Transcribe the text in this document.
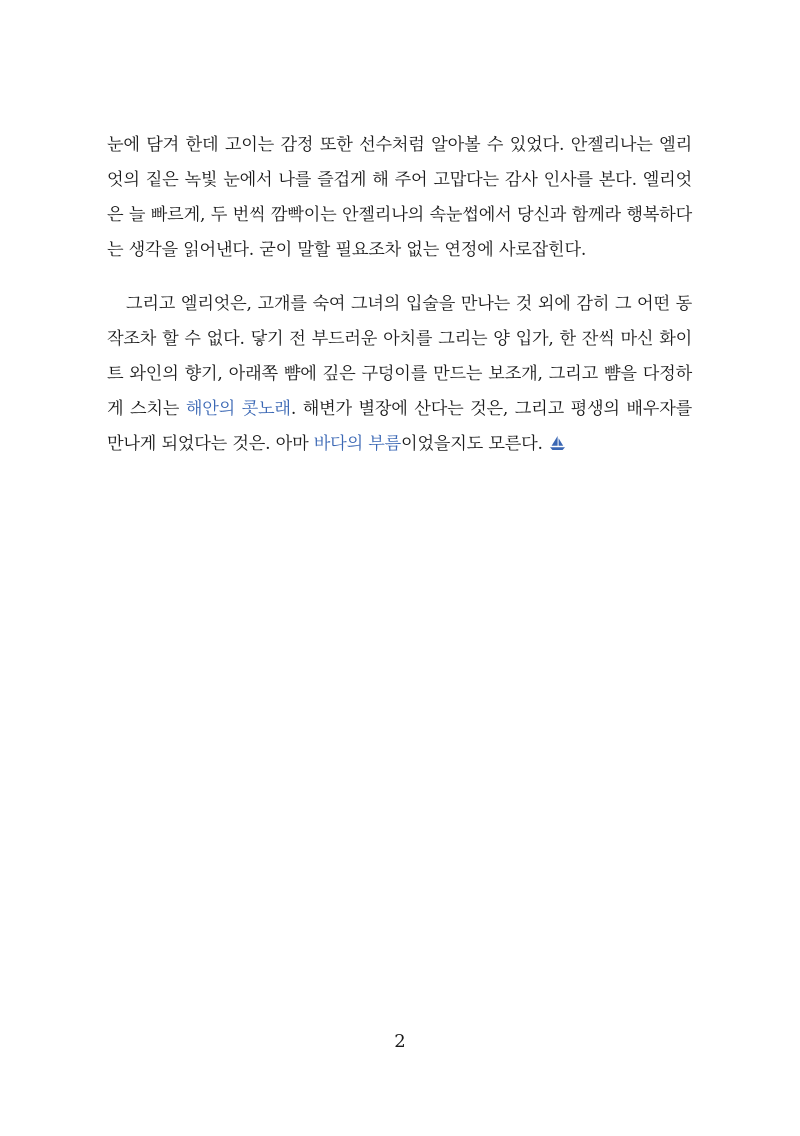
눈에 담겨 한데 고이는 감정 또한 선수처럼 알아볼 수 있었다. 안젤리나는 엘리엇의 짙은 녹빛 눈에서 나를 즐겁게 해 주어 고맙다는 감사 인사를 본다. 엘리엇은 늘 빠르게, 두 번씩 깜빡이는 안젤리나의 속눈썹에서 당신과 함께라 행복하다는 생각을 읽어낸다. 굳이 말할 필요조차 없는 연정에 사로잡힌다.

그리고 엘리엇은, 고개를 숙여 그녀의 입술을 만나는 것 외에 감히 그 어떤 동작조차 할 수 없다. 닿기 전 부드러운 아치를 그리는 양 입가, 한 잔씩 마신 화이트 와인의 향기, 아래쪽 뺨에 깊은 구덩이를 만드는 보조개, 그리고 뺨을 다정하게 스치는 해안의 콧노래. 해변가 별장에 산다는 것은, 그리고 평생의 배우자를 만나게 되었다는 것은. 아마 바다의 부름이었을지도 모른다.

2
